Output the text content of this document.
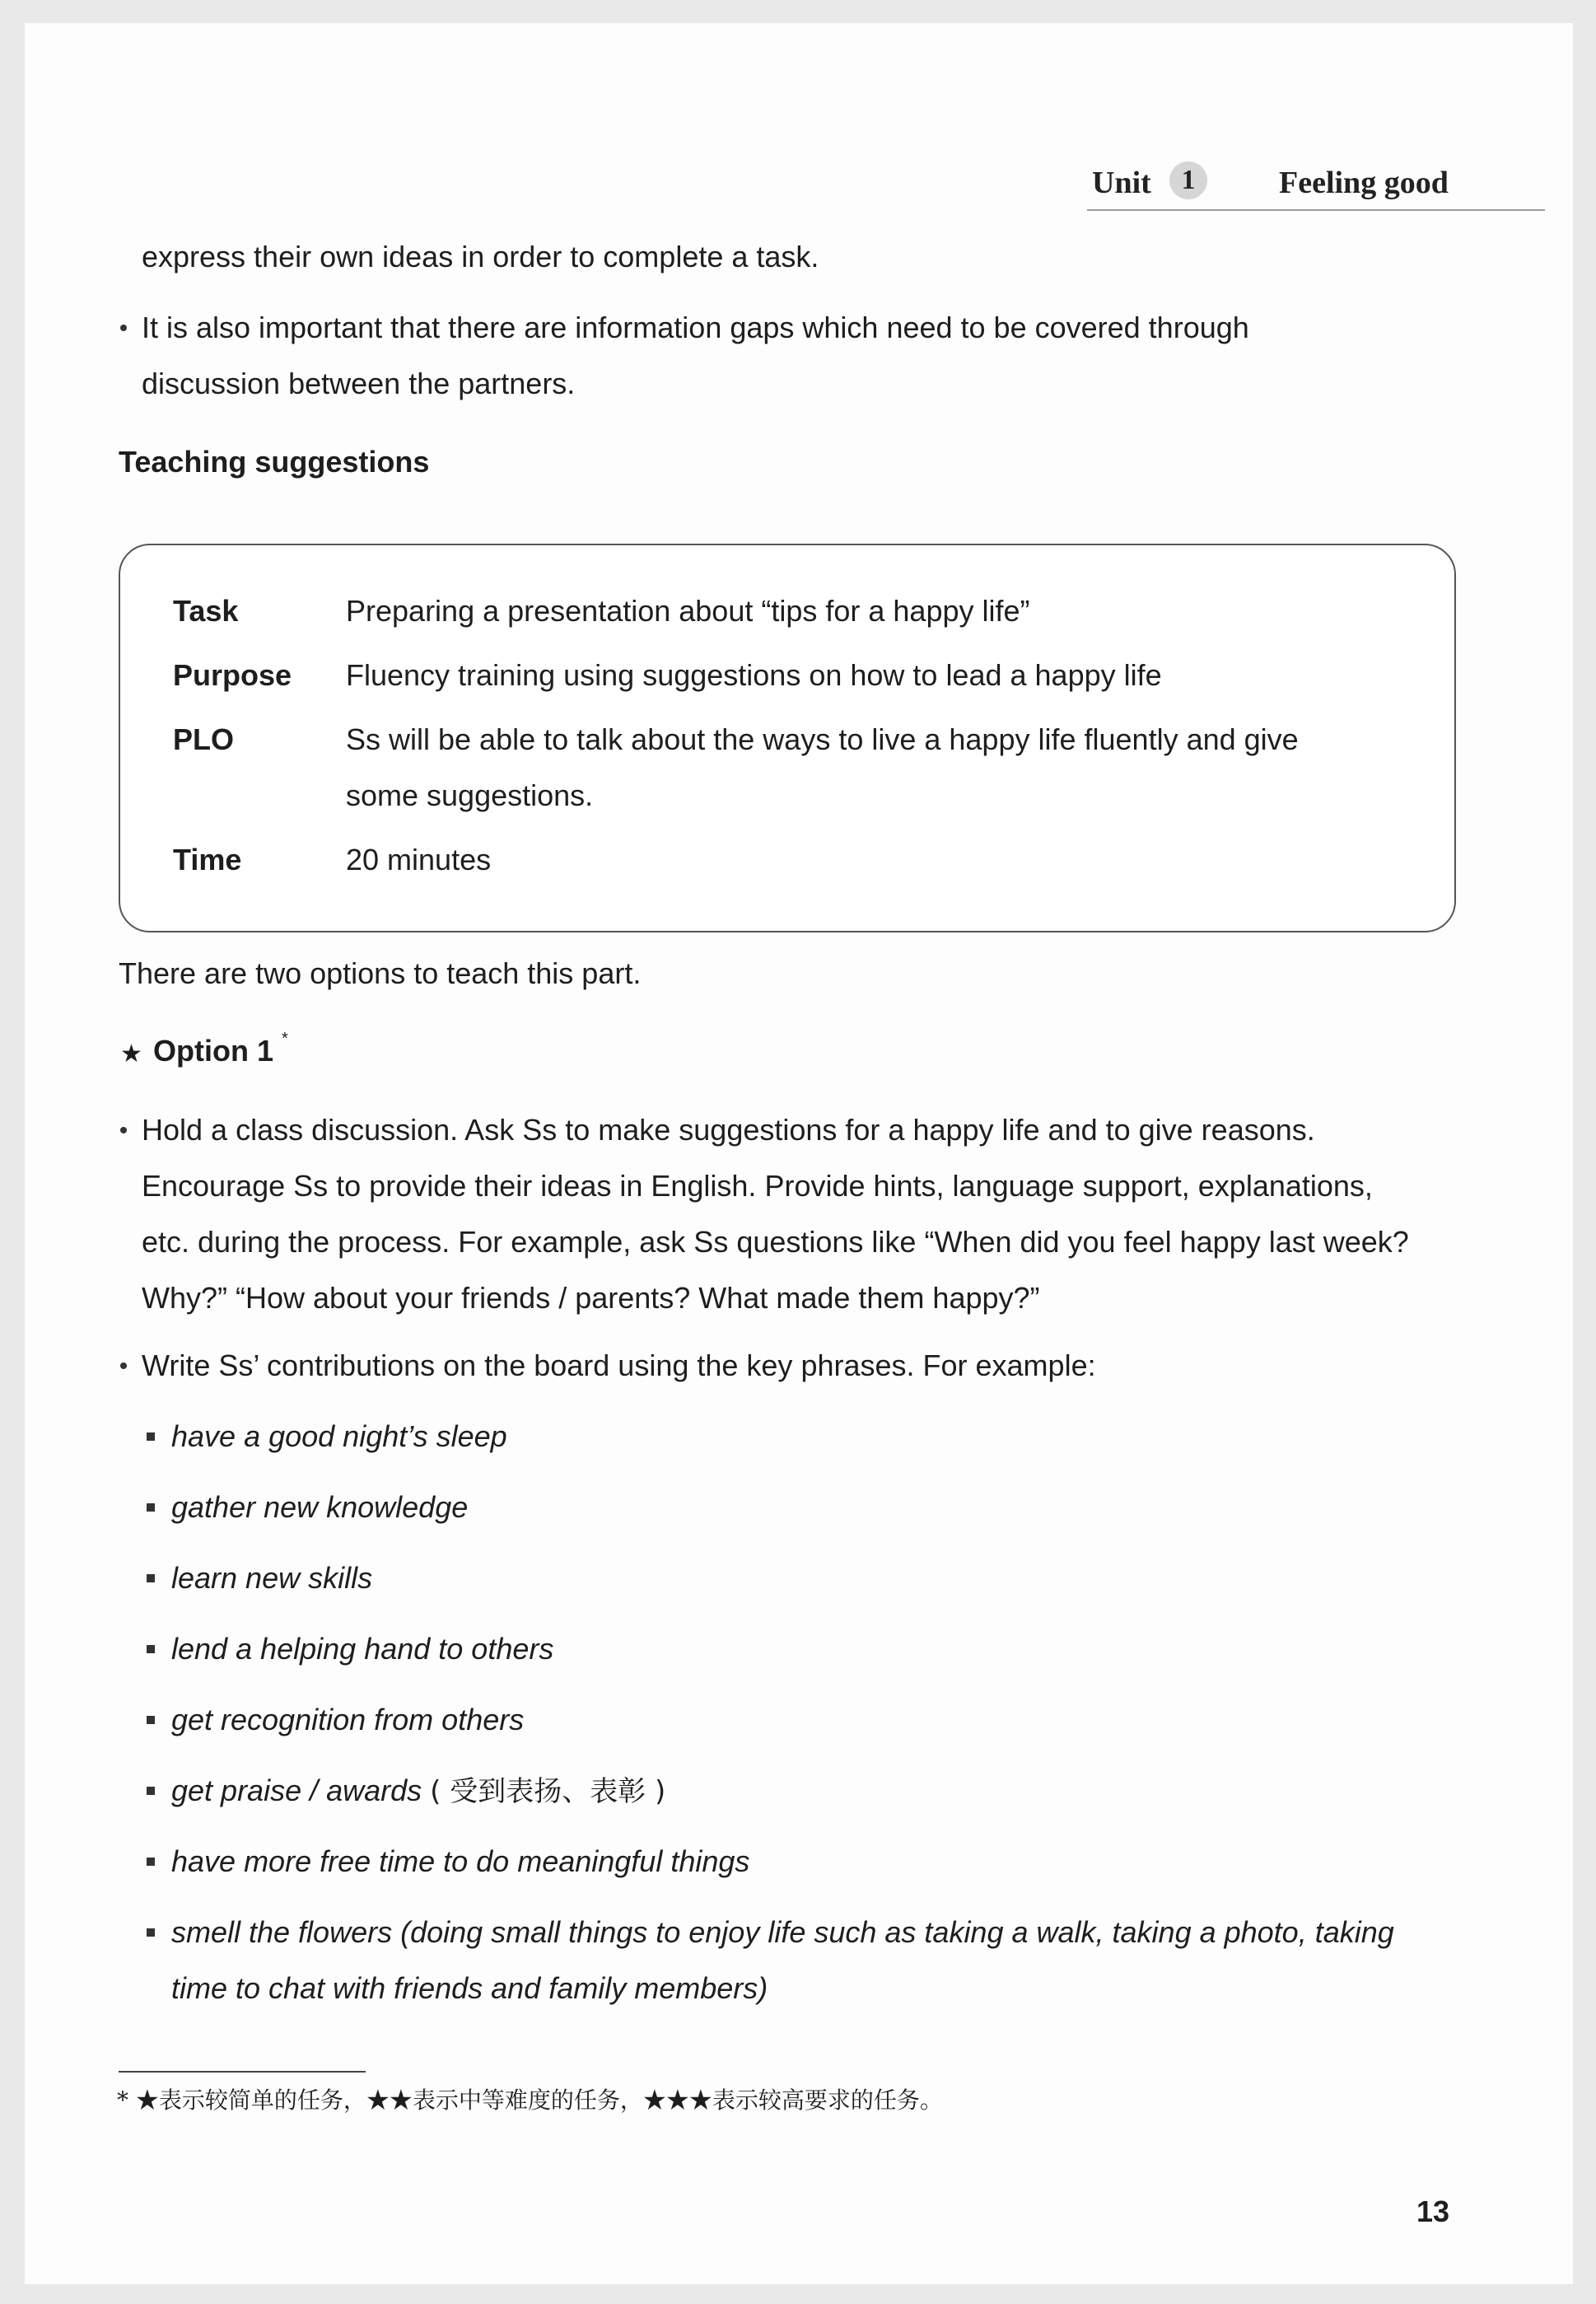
Unit	1	Feeling good
express their own ideas in order to complete a task.
It is also important that there are information gaps which need to be covered through
discussion between the partners.
Teaching suggestions
Task	Preparing a presentation about “tips for a happy life”
Purpose Fluency training using suggestions on how to lead a happy life
PLO	Ss will be able to talk about the ways to live a happy life fluently and give
some suggestions.
Time	20 minutes
There are two options to teach this part.
★ Option 1 *
Hold a class discussion. Ask Ss to make suggestions for a happy life and to give reasons.
Encourage Ss to provide their ideas in English. Provide hints, language support, explanations,
etc. during the process. For example, ask Ss questions like “When did you feel happy last week?
Why?” “How about your friends / parents? What made them happy?”
Write Ss’ contributions on the board using the key phrases. For example:
have a good night’s sleep
gather new knowledge
learn new skills
lend a helping hand to others
get recognition from others
get praise / awards ( 受到表扬、表彰 )
have more free time to do meaningful things
smell the flowers (doing small things to enjoy life such as taking a walk, taking a photo, taking
time to chat with friends and family members)
* ★表示较简单的任务，★★表示中等难度的任务，★★★表示较高要求的任务。
13
